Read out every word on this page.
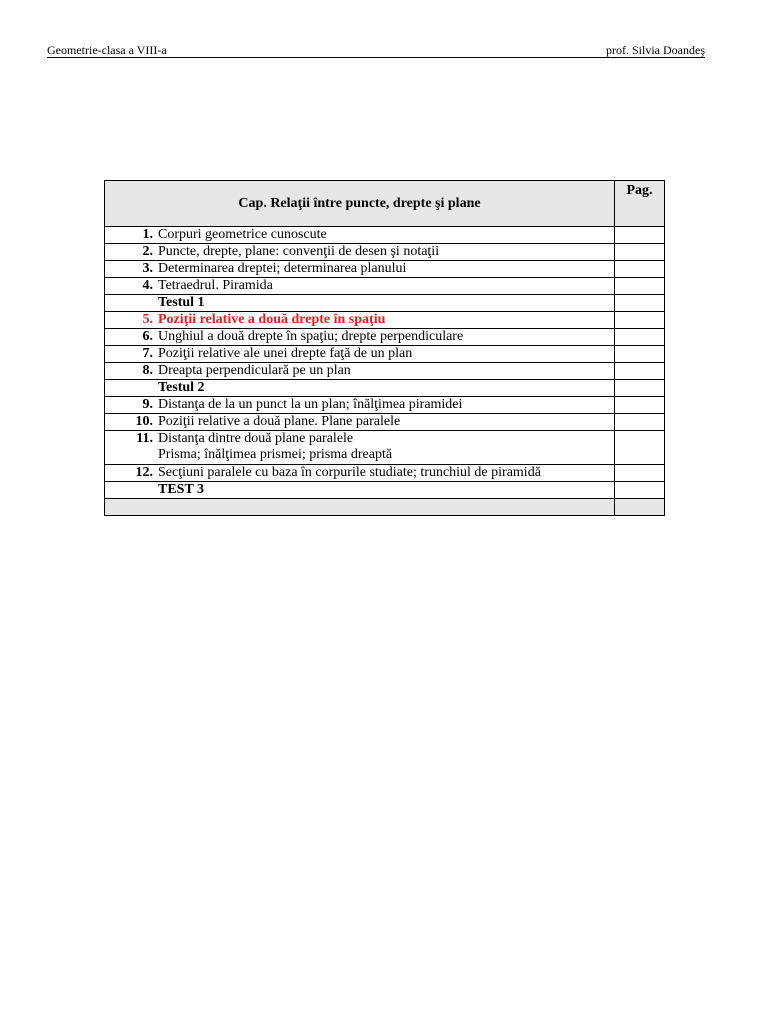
Geometrie-clasa a VIII-a	prof. Silvia Doandeş
Cap. Relaţii între puncte, drepte şi plane	Pag.

1. Corpuri geometrice cunoscute	

2. Puncte, drepte, plane: convenţii de desen şi notaţii	

3. Determinarea dreptei; determinarea planului	

4. Tetraedrul. Piramida	

Testul 1	

5. Poziţii relative a două drepte în spaţiu	

6. Unghiul a două drepte în spaţiu; drepte perpendiculare	

7. Poziţii relative ale unei drepte faţă de un plan	

8. Dreapta perpendiculară pe un plan	

Testul 2	

9. Distanţa de la un punct la un plan; înălţimea piramidei	

10. Poziţii relative a două plane. Plane paralele	

11. Distanţa dintre două plane paralele
Prisma; înălţimea prismei; prisma dreaptă	

12. Secţiuni paralele cu baza în corpurile studiate; trunchiul de piramidă	

TEST 3	
